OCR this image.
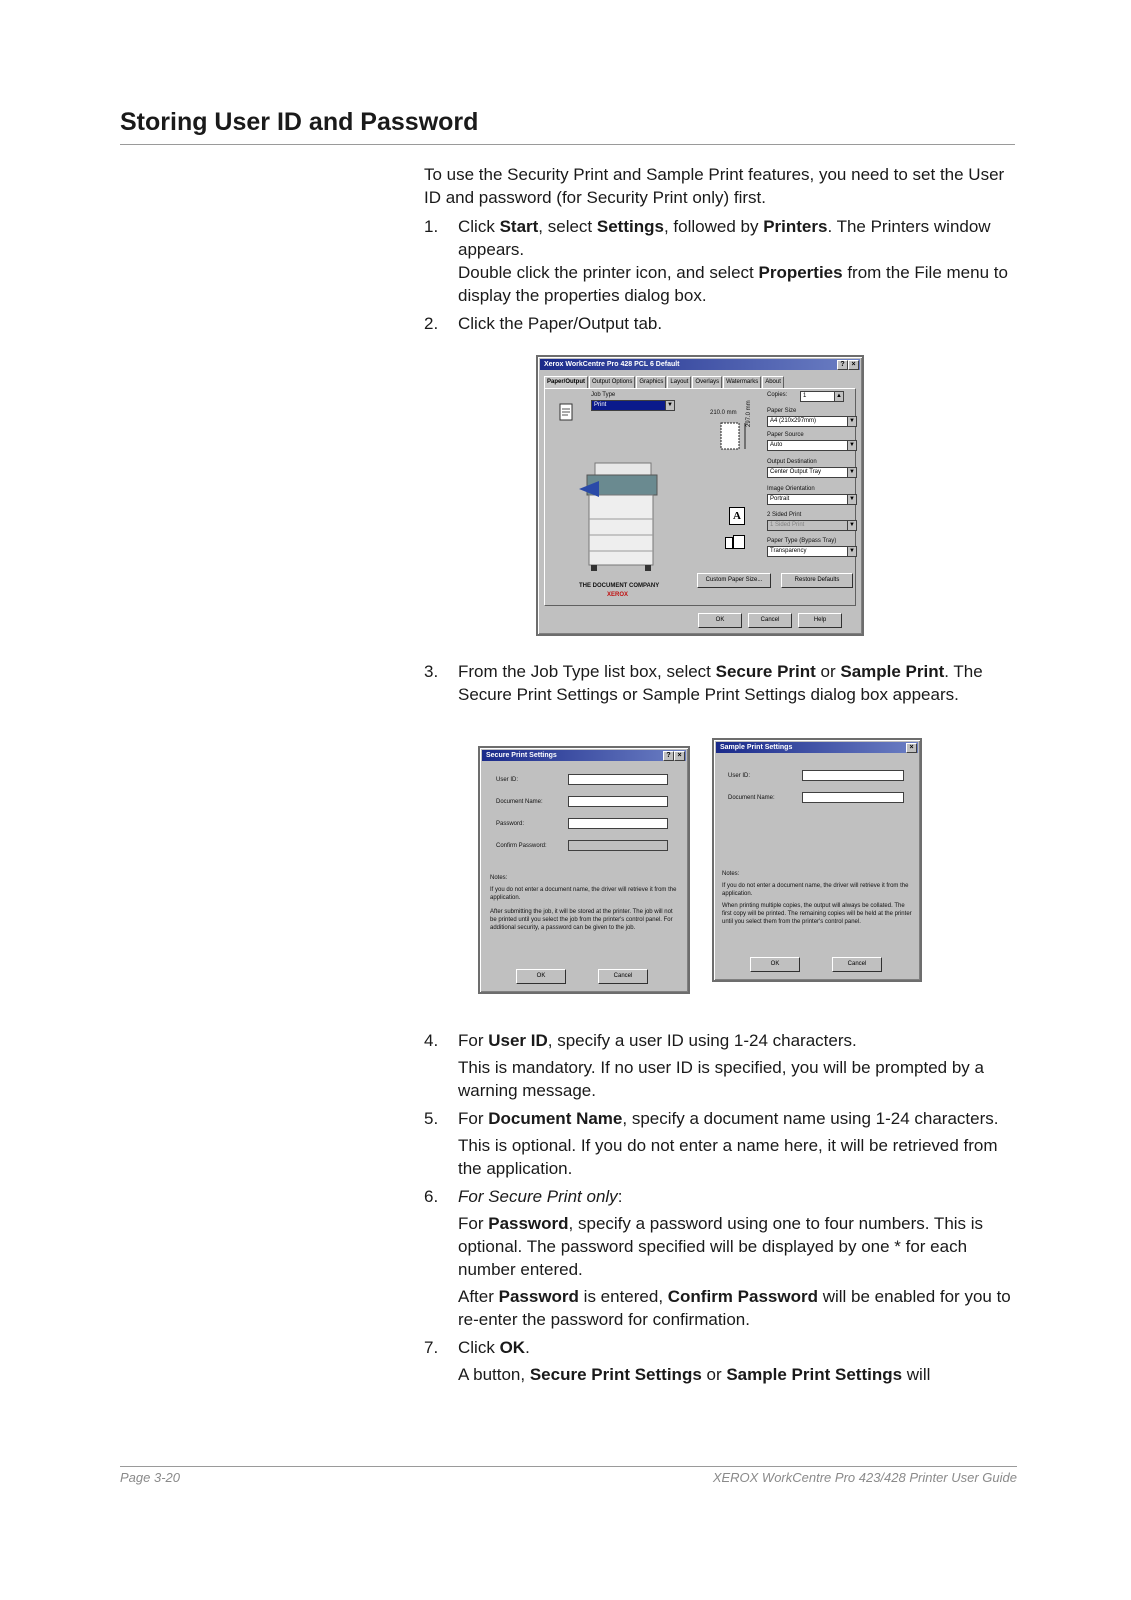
Storing User ID and Password

To use the Security Print and Sample Print features, you need to set the User ID and password (for Security Print only) first.

1. Click Start, select Settings, followed by Printers. The Printers window appears.

Double click the printer icon, and select Properties from the File menu to display the properties dialog box.

2. Click the Paper/Output tab.

Xerox WorkCentre Pro 428 PCL 6 Default	? ×
Paper/Output	Output Options	Graphics	Layout	Overlays	Watermarks	About
Job Type
Print	▼
210.0 mm 297.0 mm
THE DOCUMENT COMPANY
XEROX
A
Copies:	1	▲
Paper Size
A4 (210x297mm)	▼
Paper Source
Auto	▼
Output Destination
Center Output Tray	▼
Image Orientation
Portrait	▼
2 Sided Print
1 Sided Print	▼
Paper Type (Bypass Tray)
Transparency	▼
Custom Paper Size...	Restore Defaults
OK	Cancel	Help
3. From the Job Type list box, select Secure Print or Sample Print. The Secure Print Settings or Sample Print Settings dialog box appears.

Secure Print Settings	? ×
User ID:
Document Name:
Password:
Confirm Password:
Notes:
If you do not enter a document name, the driver will retrieve it from the application.
After submitting the job, it will be stored at the printer. The job will not be printed until you select the job from the printer's control panel. For additional security, a password can be given to the job.
OK	Cancel
Sample Print Settings	×
User ID:
Document Name:
Notes:
If you do not enter a document name, the driver will retrieve it from the application.
When printing multiple copies, the output will always be collated. The first copy will be printed. The remaining copies will be held at the printer until you select them from the printer's control panel.
OK	Cancel
4. For User ID, specify a user ID using 1-24 characters.

This is mandatory. If no user ID is specified, you will be prompted by a warning message.

5. For Document Name, specify a document name using 1-24 characters.

This is optional. If you do not enter a name here, it will be retrieved from the application.

6. For Secure Print only:

For Password, specify a password using one to four numbers. This is optional. The password specified will be displayed by one * for each number entered.

After Password is entered, Confirm Password will be enabled for you to re-enter the password for confirmation.

7. Click OK.

A button, Secure Print Settings or Sample Print Settings will

Page 3-20	XEROX WorkCentre Pro 423/428 Printer User Guide
